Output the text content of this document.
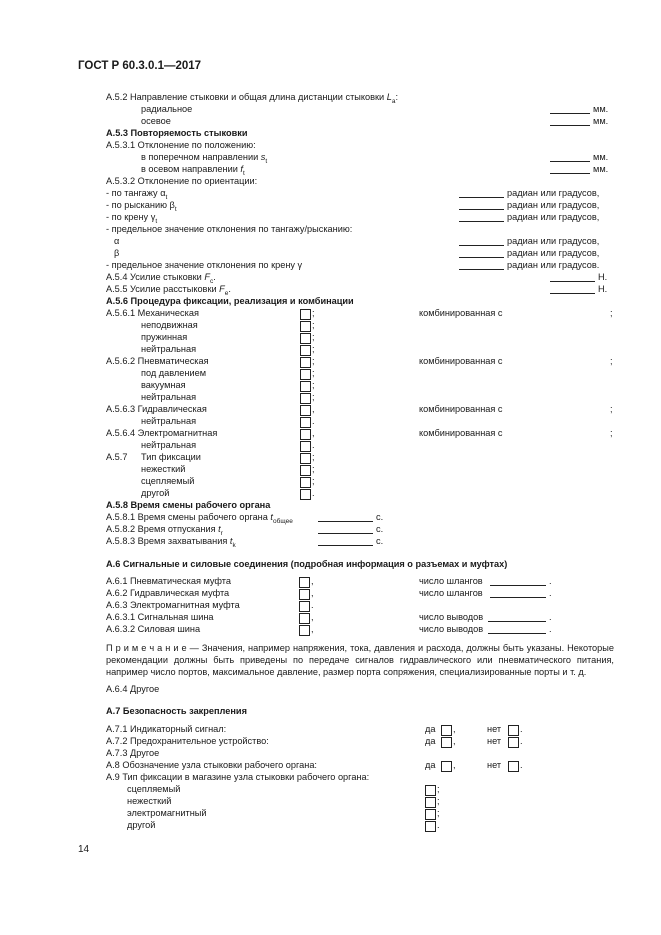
ГОСТ Р 60.3.0.1—2017
А.5.2 Направление стыковки и общая длина дистанции стыковки $L_a$:
радиальное	мм.
осевое	мм.
А.5.3 Повторяемость стыковки
А.5.3.1 Отклонение по положению:
в поперечном направлении $s_t$	мм.
в осевом направлении $f_t$	мм.
А.5.3.2 Отклонение по ориентации:
- по тангажу $\alpha_t$	радиан или градусов,
- по рысканию $\beta_t$	радиан или градусов,
- по крену $\gamma_t$	радиан или градусов,
- предельное значение отклонения по тангажу/рысканию:
α	радиан или градусов,
β	радиан или градусов,
- предельное значение отклонения по крену γ	радиан или градусов.
А.5.4 Усилие стыковки $F_c$.	Н.
А.5.5 Усилие расстыковки $F_e$.	Н.
А.5.6 Процедура фиксации, реализация и комбинации
А.5.6.1 Механическая	;	комбинированная с	;
неподвижная	;
пружинная	;
нейтральная	;
А.5.6.2 Пневматическая	;	комбинированная с	;
под давлением	;
вакуумная	;
нейтральная	;
А.5.6.3 Гидравлическая	,	комбинированная с	;
нейтральная	.
А.5.6.4 Электромагнитная	,	комбинированная с	;
нейтральная	.
А.5.7 Тип фиксации	;
нежесткий	;
сцепляемый	;
другой	.
А.5.8 Время смены рабочего органа
А.5.8.1 Время смены рабочего органа $t_{общее}$	с.
А.5.8.2 Время отпускания $t_r$	с.
А.5.8.3 Время захватывания $t_k$	с.
А.6 Сигнальные и силовые соединения (подробная информация о разъемах и муфтах)
А.6.1 Пневматическая муфта	,	число шлангов	.
А.6.2 Гидравлическая муфта	,	число шлангов	.
А.6.3 Электромагнитная муфта	.
А.6.3.1 Сигнальная шина	,	число выводов	.
А.6.3.2 Силовая шина	,	число выводов	.
П р и м е ч а н и е — Значения, например напряжения, тока, давления и расхода, должны быть указаны. Некоторые рекомендации должны быть приведены по передаче сигналов гидравлического или пневматического питания, например число портов, максимальное давление, размер порта сопряжения, специализированные порты и т. д.
А.6.4 Другое
А.7 Безопасность закрепления
А.7.1 Индикаторный сигнал:	да ,	нет .
А.7.2 Предохранительное устройство:	да ,	нет .
А.7.3 Другое
А.8 Обозначение узла стыковки рабочего органа:	да ,	нет .
А.9 Тип фиксации в магазине узла стыковки рабочего органа:
сцепляемый	;
нежесткий	;
электромагнитный	;
другой	.
14
